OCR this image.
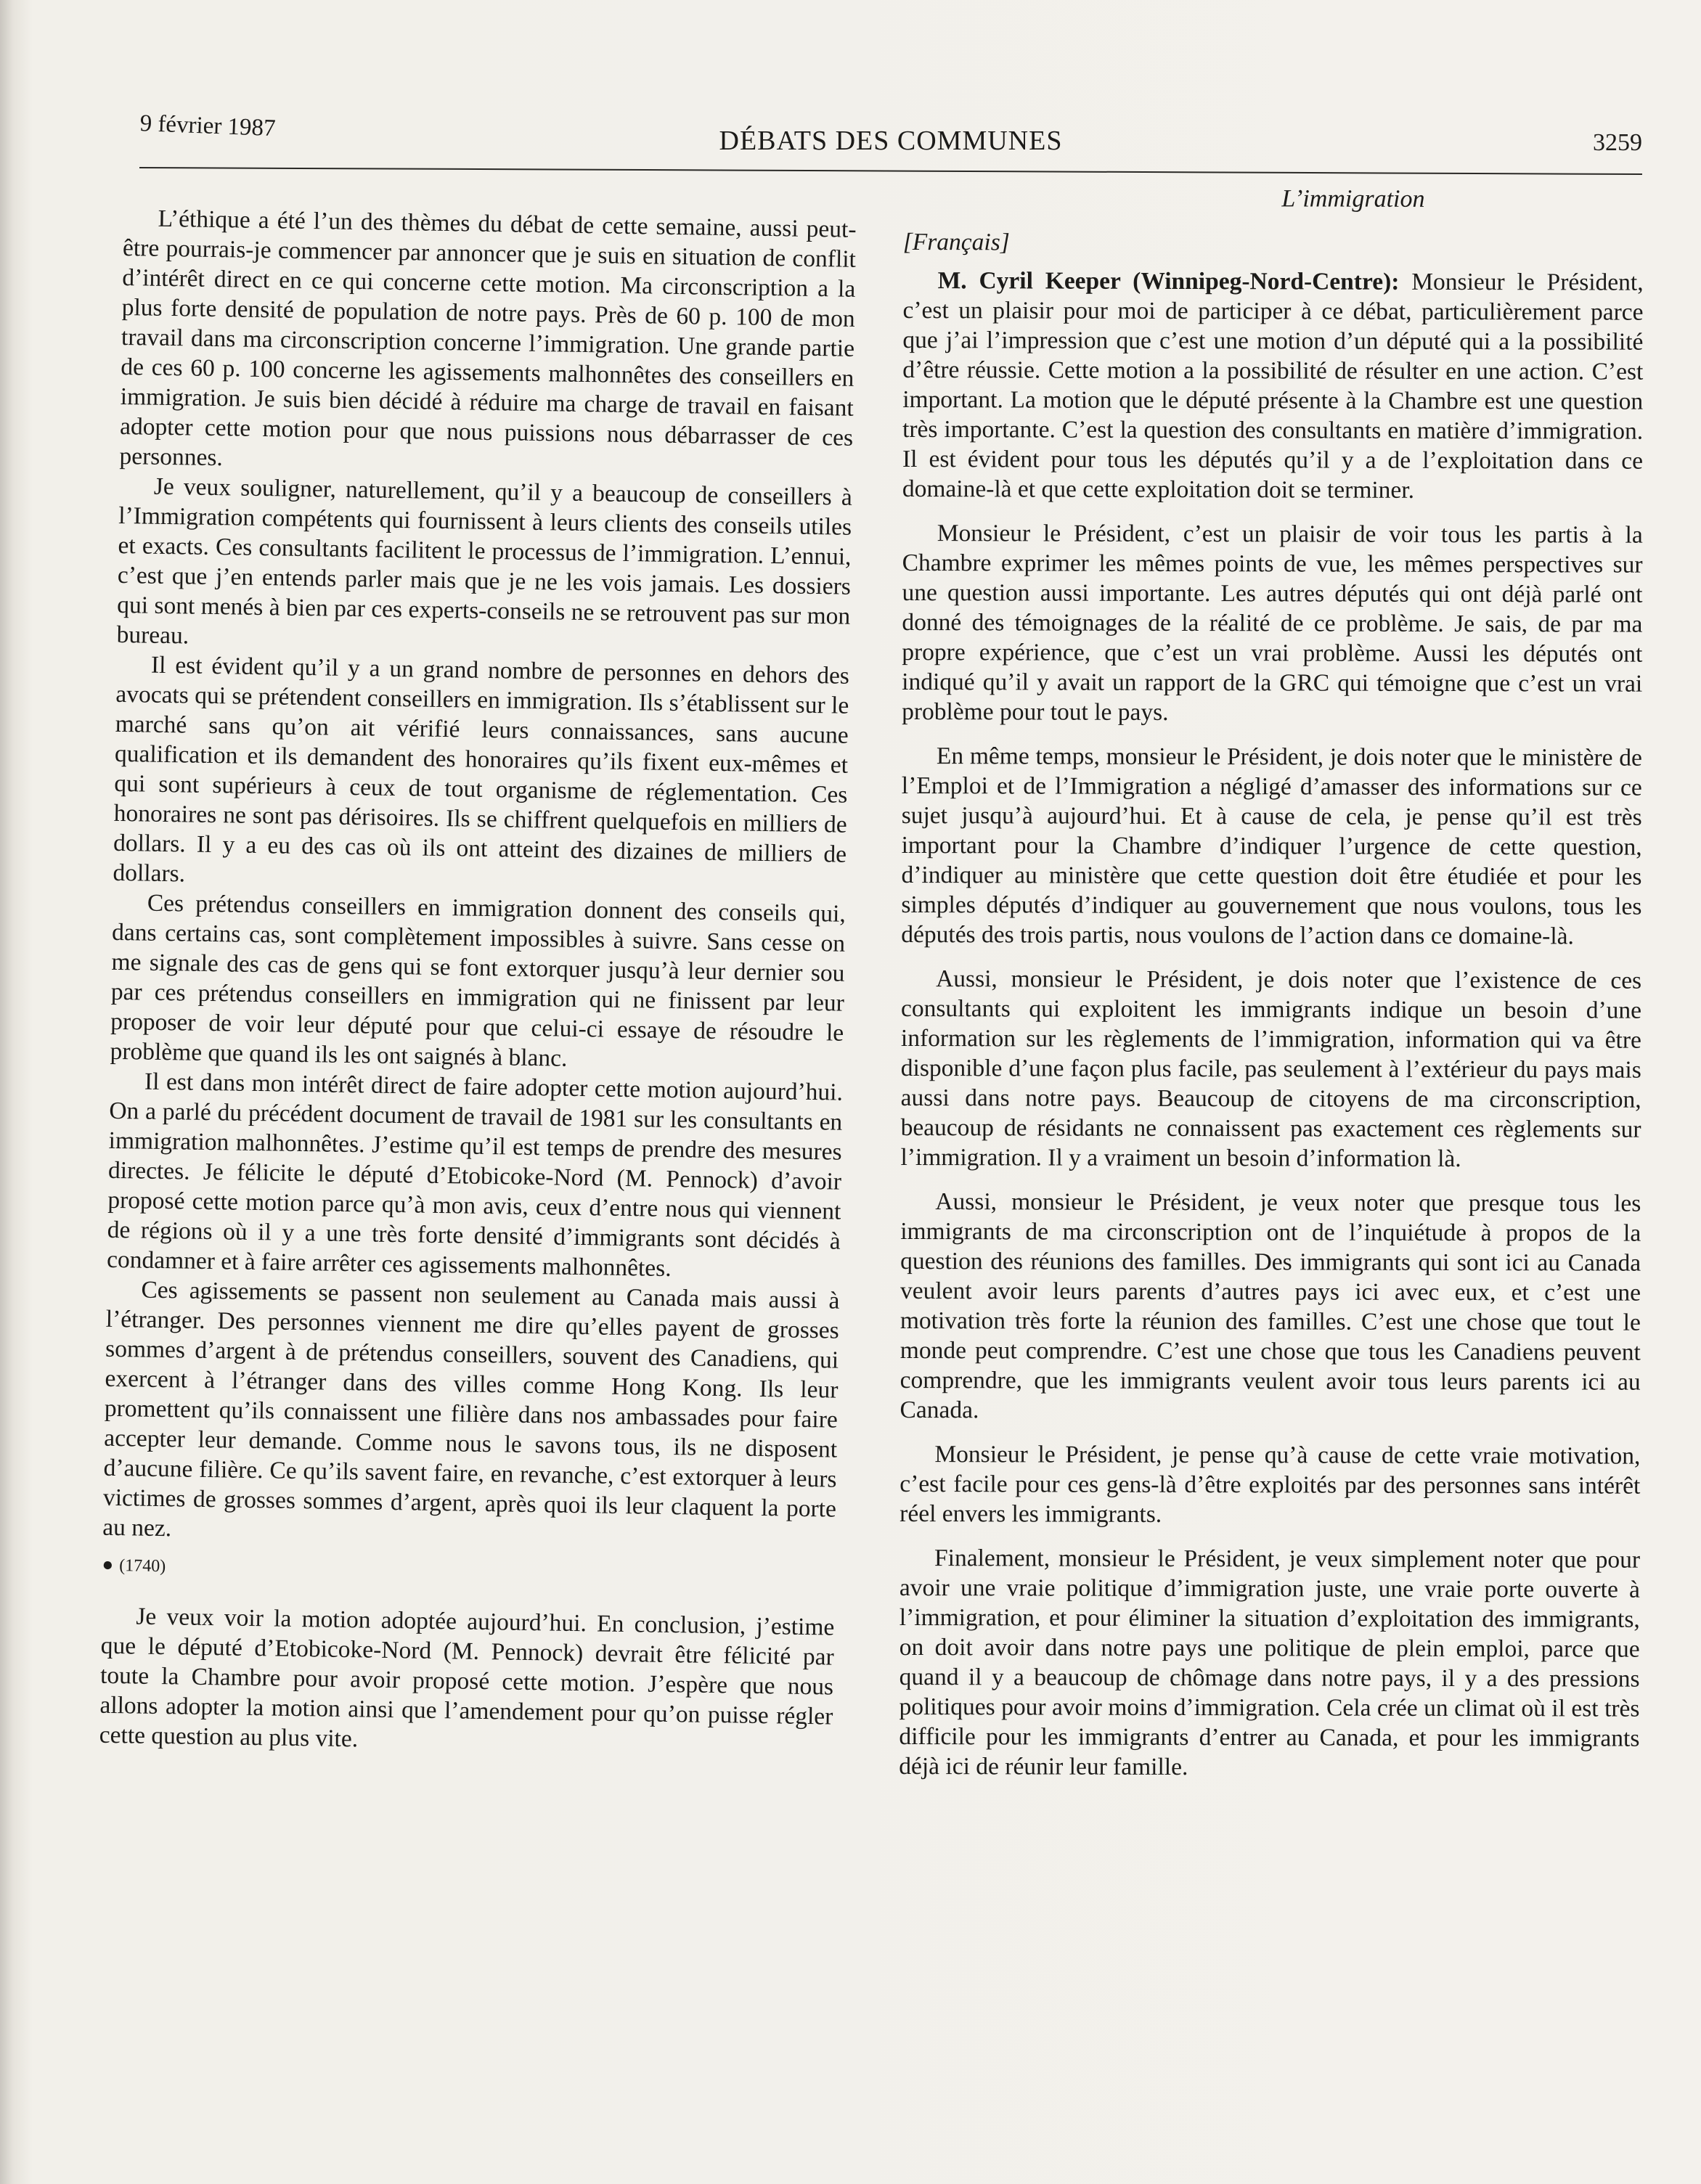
9 février 1987	DÉBATS DES COMMUNES	3259

L’éthique a été l’un des thèmes du débat de cette semaine, aussi peut-être pourrais-je commencer par annoncer que je suis en situation de conflit d’intérêt direct en ce qui concerne cette motion. Ma circonscription a la plus forte densité de population de notre pays. Près de 60 p. 100 de mon travail dans ma circonscription concerne l’immigration. Une grande partie de ces 60 p. 100 concerne les agissements malhonnêtes des conseillers en immigration. Je suis bien décidé à réduire ma charge de travail en faisant adopter cette motion pour que nous puissions nous débarrasser de ces personnes.

Je veux souligner, naturellement, qu’il y a beaucoup de conseillers à l’Immigration compétents qui fournissent à leurs clients des conseils utiles et exacts. Ces consultants facilitent le processus de l’immigration. L’ennui, c’est que j’en entends parler mais que je ne les vois jamais. Les dossiers qui sont menés à bien par ces experts-conseils ne se retrouvent pas sur mon bureau.

Il est évident qu’il y a un grand nombre de personnes en dehors des avocats qui se prétendent conseillers en immigration. Ils s’établissent sur le marché sans qu’on ait vérifié leurs connaissances, sans aucune qualification et ils demandent des honoraires qu’ils fixent eux-mêmes et qui sont supérieurs à ceux de tout organisme de réglementation. Ces honoraires ne sont pas dérisoires. Ils se chiffrent quelquefois en milliers de dollars. Il y a eu des cas où ils ont atteint des dizaines de milliers de dollars.

Ces prétendus conseillers en immigration donnent des conseils qui, dans certains cas, sont complètement impossibles à suivre. Sans cesse on me signale des cas de gens qui se font extorquer jusqu’à leur dernier sou par ces prétendus conseillers en immigration qui ne finissent par leur proposer de voir leur député pour que celui-ci essaye de résoudre le problème que quand ils les ont saignés à blanc.

Il est dans mon intérêt direct de faire adopter cette motion aujourd’hui. On a parlé du précédent document de travail de 1981 sur les consultants en immigration malhonnêtes. J’estime qu’il est temps de prendre des mesures directes. Je félicite le député d’Etobicoke-Nord (M. Pennock) d’avoir proposé cette motion parce qu’à mon avis, ceux d’entre nous qui viennent de régions où il y a une très forte densité d’immigrants sont décidés à condamner et à faire arrêter ces agissements malhonnêtes.

Ces agissements se passent non seulement au Canada mais aussi à l’étranger. Des personnes viennent me dire qu’elles payent de grosses sommes d’argent à de prétendus conseillers, souvent des Canadiens, qui exercent à l’étranger dans des villes comme Hong Kong. Ils leur promettent qu’ils connaissent une filière dans nos ambassades pour faire accepter leur demande. Comme nous le savons tous, ils ne disposent d’aucune filière. Ce qu’ils savent faire, en revanche, c’est extorquer à leurs victimes de grosses sommes d’argent, après quoi ils leur claquent la porte au nez.

● (1740)

Je veux voir la motion adoptée aujourd’hui. En conclusion, j’estime que le député d’Etobicoke-Nord (M. Pennock) devrait être félicité par toute la Chambre pour avoir proposé cette motion. J’espère que nous allons adopter la motion ainsi que l’amendement pour qu’on puisse régler cette question au plus vite.

L’immigration

[Français]

M. Cyril Keeper (Winnipeg-Nord-Centre): Monsieur le Président, c’est un plaisir pour moi de participer à ce débat, particulièrement parce que j’ai l’impression que c’est une motion d’un député qui a la possibilité d’être réussie. Cette motion a la possibilité de résulter en une action. C’est important. La motion que le député présente à la Chambre est une question très importante. C’est la question des consultants en matière d’immigration. Il est évident pour tous les députés qu’il y a de l’exploitation dans ce domaine-là et que cette exploitation doit se terminer.

Monsieur le Président, c’est un plaisir de voir tous les partis à la Chambre exprimer les mêmes points de vue, les mêmes perspectives sur une question aussi importante. Les autres députés qui ont déjà parlé ont donné des témoignages de la réalité de ce problème. Je sais, de par ma propre expérience, que c’est un vrai problème. Aussi les députés ont indiqué qu’il y avait un rapport de la GRC qui témoigne que c’est un vrai problème pour tout le pays.

En même temps, monsieur le Président, je dois noter que le ministère de l’Emploi et de l’Immigration a négligé d’amasser des informations sur ce sujet jusqu’à aujourd’hui. Et à cause de cela, je pense qu’il est très important pour la Chambre d’indiquer l’urgence de cette question, d’indiquer au ministère que cette question doit être étudiée et pour les simples députés d’indiquer au gouvernement que nous voulons, tous les députés des trois partis, nous voulons de l’action dans ce domaine-là.

Aussi, monsieur le Président, je dois noter que l’existence de ces consultants qui exploitent les immigrants indique un besoin d’une information sur les règlements de l’immigration, information qui va être disponible d’une façon plus facile, pas seulement à l’extérieur du pays mais aussi dans notre pays. Beaucoup de citoyens de ma circonscription, beaucoup de résidants ne connaissent pas exactement ces règlements sur l’immigration. Il y a vraiment un besoin d’information là.

Aussi, monsieur le Président, je veux noter que presque tous les immigrants de ma circonscription ont de l’inquiétude à propos de la question des réunions des familles. Des immigrants qui sont ici au Canada veulent avoir leurs parents d’autres pays ici avec eux, et c’est une motivation très forte la réunion des familles. C’est une chose que tout le monde peut comprendre. C’est une chose que tous les Canadiens peuvent comprendre, que les immigrants veulent avoir tous leurs parents ici au Canada.

Monsieur le Président, je pense qu’à cause de cette vraie motivation, c’est facile pour ces gens-là d’être exploités par des personnes sans intérêt réel envers les immigrants.

Finalement, monsieur le Président, je veux simplement noter que pour avoir une vraie politique d’immigration juste, une vraie porte ouverte à l’immigration, et pour éliminer la situation d’exploitation des immigrants, on doit avoir dans notre pays une politique de plein emploi, parce que quand il y a beaucoup de chômage dans notre pays, il y a des pressions politiques pour avoir moins d’immigration. Cela crée un climat où il est très difficile pour les immigrants d’entrer au Canada, et pour les immigrants déjà ici de réunir leur famille.
